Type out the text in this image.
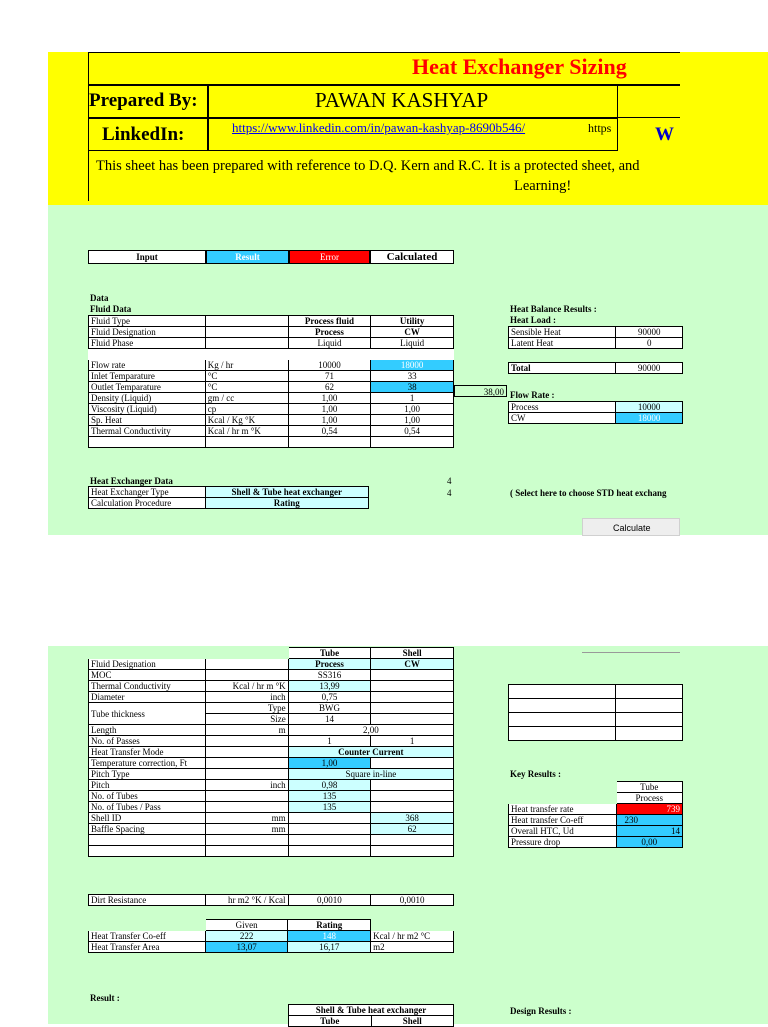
Heat Exchanger Sizing
Prepared By:	PAWAN KASHYAP
LinkedIn:	https://www.linkedin.com/in/pawan-kashyap-8690b546/	https W
This sheet has been prepared with reference to D.Q. Kern and R.C. It is a protected sheet, and
Learning!
Input	Result	Error	Calculated
Data
Fluid Data
Fluid Type		Process fluid	Utility
Fluid Designation		Process	CW
Fluid Phase		Liquid	Liquid

Flow rate	Kg / hr	10000	18000
Inlet Temparature	°C	71	33
Outlet Temparature	°C	62	38
Density (Liquid)	gm / cc	1,00	1
Viscosity (Liquid)	cp	1,00	1,00
Sp. Heat	Kcal / Kg °K	1,00	1,00
Thermal Conductivity	Kcal / hr m °K	0,54	0,54

38,00
Heat Balance Results :
Heat Load :
Sensible Heat	90000
Latent Heat	0
Total	90000
Flow Rate :
Process	10000
CW	18000
Heat Exchanger Data
Heat Exchanger Type	Shell & Tube heat exchanger
Calculation Procedure	Rating
4
4	( Select here to choose STD heat exchang
Calculate
		Tube	Shell
Fluid Designation		Process	CW
MOC		SS316	
Thermal Conductivity	Kcal / hr m °K	13,99	
Diameter	inch	0,75	
Tube thickness	Type	BWG	
	Size	14	
Length	m	2,00	
No. of Passes		1	1
Heat Transfer Mode		Counter Current	
Temperature correction, Ft		1,00	
Pitch Type		Square in-line	
Pitch	inch	0,98	
No. of Tubes		135	
No. of Tubes / Pass		135	
Shell ID	mm		368
Baffle Spacing	mm		62

Key Results :
	Tube
	Process
Heat transfer rate	739
Heat transfer Co-eff	230
Overall HTC, Ud	14
Pressure drop	0,00
Dirt Resistance	hr m2 °K / Kcal	0,0010	0,0010
	Given	Rating	
Heat Transfer Co-eff	222	148	Kcal / hr m2 °C
Heat Transfer Area	13,07	16,17	m2
Result :
Shell & Tube heat exchanger
Tube	Shell
Design Results :
